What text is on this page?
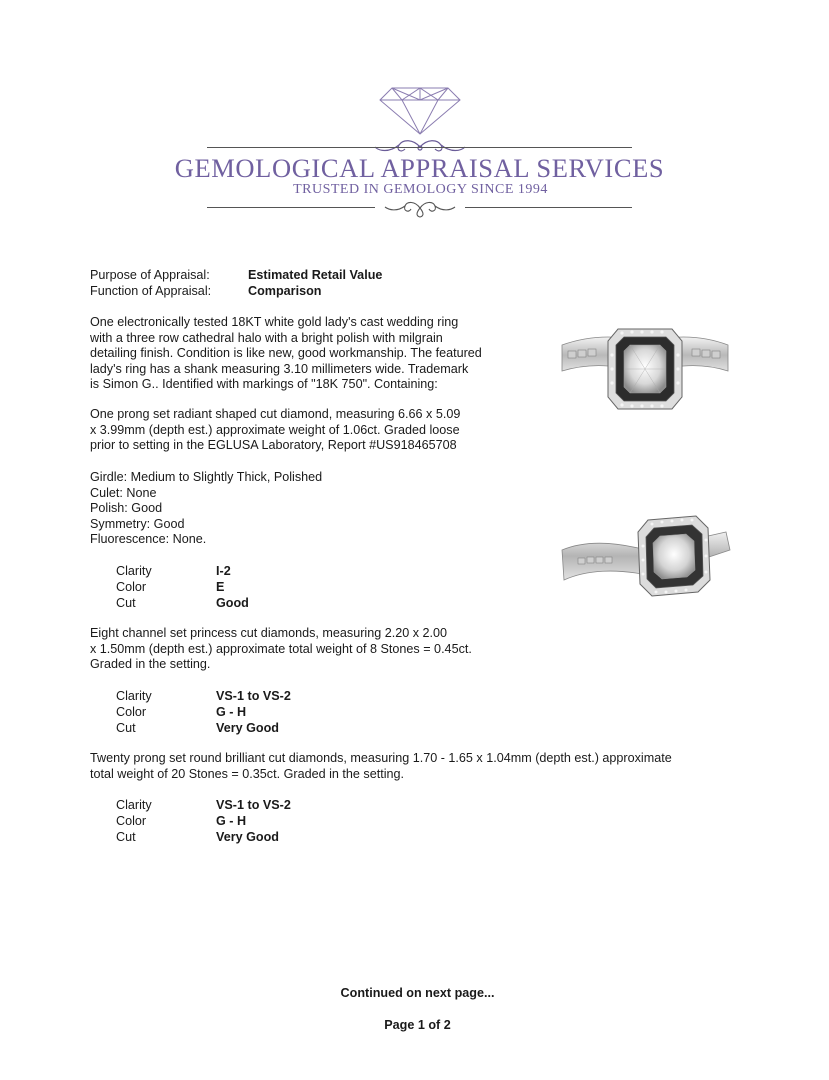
GEMOLOGICAL APPRAISAL SERVICES
TRUSTED IN GEMOLOGY SINCE 1994
Purpose of Appraisal:	Estimated Retail Value
Function of Appraisal:	Comparison
One electronically tested 18KT white gold lady's cast wedding ring
with a three row cathedral halo with a bright polish with milgrain
detailing finish. Condition is like new, good workmanship. The featured
lady's ring has a shank measuring 3.10 millimeters wide. Trademark
is Simon G.. Identified with markings of "18K 750". Containing:
One prong set radiant shaped cut diamond, measuring 6.66 x 5.09
x 3.99mm (depth est.) approximate weight of 1.06ct. Graded loose
prior to setting in the EGLUSA Laboratory, Report #US918465708
Girdle: Medium to Slightly Thick, Polished
Culet: None
Polish: Good
Symmetry: Good
Fluorescence: None.
Clarity	I-2
Color	E
Cut	Good
Eight channel set princess cut diamonds, measuring 2.20 x 2.00
x 1.50mm (depth est.) approximate total weight of 8 Stones = 0.45ct.
Graded in the setting.
Clarity	VS-1 to VS-2
Color	G - H
Cut	Very Good
Twenty prong set round brilliant cut diamonds, measuring 1.70 - 1.65 x 1.04mm (depth est.) approximate
total weight of 20 Stones = 0.35ct. Graded in the setting.
Clarity	VS-1 to VS-2
Color	G - H
Cut	Very Good
Continued on next page...
Page 1 of 2
